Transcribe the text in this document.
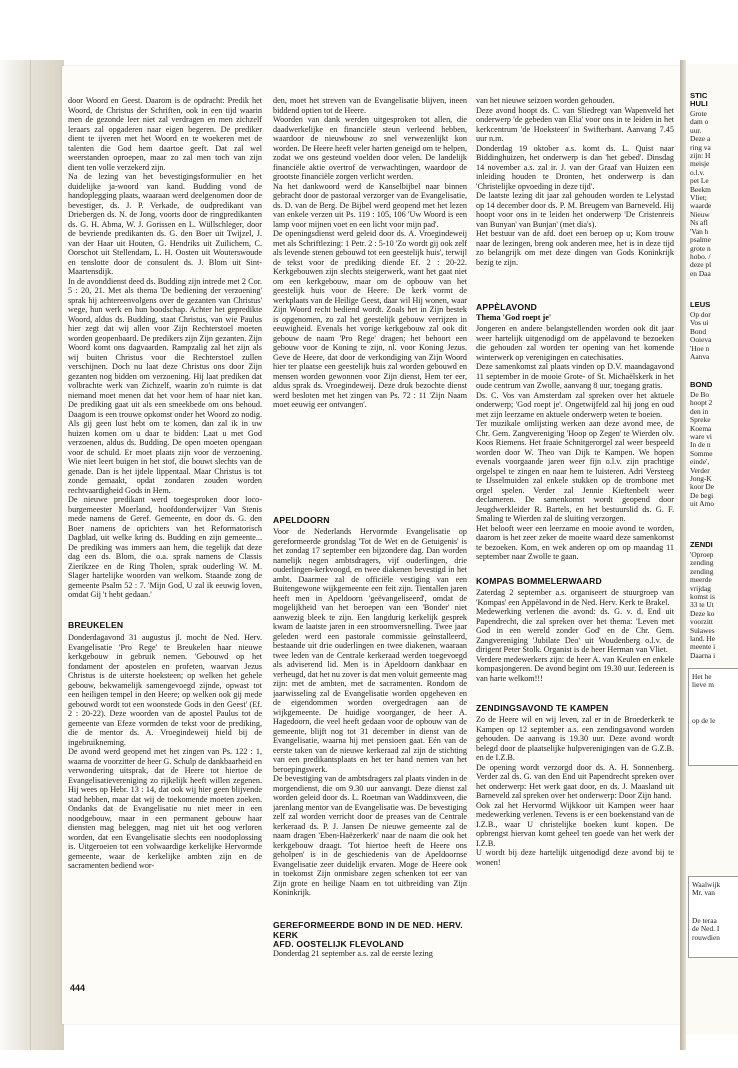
door Woord en Geest. Daarom is de opdracht: Predik het Woord, de Christus der Schriften, ook in een tijd waarin men de gezonde leer niet zal verdragen en men zichzelf leraars zal opgaderen naar eigen begeren. De prediker dient te ijveren met het Woord en te woekeren met de talenten die God hem daartoe geeft. Dat zal wel weerstanden oproepen, maar zo zal men toch van zijn dient ten volle verzekerd zijn.
Na de lezing van het bevestigingsformulier en het duidelijke ja-woord van kand. Budding vond de handoplegging plaats, waaraan werd deelgenomen door de bevestiger, ds. J. P. Verkade, de oudpredikant van Driebergen ds. N. de Jong, voorts door de ringpredikanten ds. G. H. Abma, W. J. Gorissen en L. Wüllschleger, door de bevriende predikanten ds. G. den Boer uit Twijzel, J. van der Haar uit Houten, G. Hendriks uit Zuilichem, C. Oorschot uit Stellendam, L. H. Oosten uit Wouterswoude en tenslotte door de consulent ds. J. Blom uit Sint-Maartensdijk.
In de avonddienst deed ds. Budding zijn intrede met 2 Cor. 5 : 20, 21. Met als thema 'De bediening der verzoening' sprak hij achtereenvolgens over de gezanten van Christus' wege, hun werk en hun boodschap. Achter het gepredikte Woord, aldus ds. Budding, staat Christus, van wie Paulus hier zegt dat wij allen voor Zijn Rechterstoel moeten worden geopenbaard. De predikers zijn Zijn gezanten. Zijn Woord komt ons dagvaarden. Rampzalig zal het zijn als wij buiten Christus voor die Rechterstoel zullen verschijnen. Doch nu laat deze Christus ons door Zijn gezanten nog bidden om verzoening. Hij laat prediken dat volbrachte werk van Zichzelf, waarin zo'n ruimte is dat niemand moet menen dat het voor hem of haar niet kan. De prediking gaat uit als een smeekbede om ons behoud. Daagom is een trouwe opkomst onder het Woord zo nodig. Als gij geen lust hebt om te komen, dan zal ik in uw huizen komen om u daar te bidden: Laat u met God verzoenen, aldus ds. Budding. De open moeten opengaan voor de schuld. Er moet plaats zijn voor de verzoening. Wie niet leert buigen in het stof, die bouwt slechts van de genade. Dan is het ijdele lippentaal. Maar Christus is tot zonde gemaakt, opdat zondaren zouden worden rechtvaardigheid Gods in Hem.
De nieuwe predikant werd toegesproken door loco-burgemeester Moerland, hoofdonderwijzer Van Stenis mede namens de Geref. Gemeente, en door ds. G. den Boer namens de oprichters van het Reformatorisch Dagblad, uit welke kring ds. Budding en zijn gemeente... De prediking was immers aan hem, die tegelijk dat deze dag een ds. Blom, die o.a. sprak namens de Classis Zierikzee en de Ring Tholen, sprak ouderling W. M. Slager hartelijke woorden van welkom. Staande zong de gemeente Psalm 52 : 7. 'Mijn God, U zal ik eeuwig loven, omdat Gij 't hebt gedaan.'
BREUKELEN
Donderdagavond 31 augustus jl. mocht de Ned. Herv. Evangelisatie 'Pro Rege' te Breukelen haar nieuwe kerkgebouw in gebruik nemen. 'Gebouwd op het fondament der apostelen en profeten, waarvan Jezus Christus is de uiterste hoeksteen; op welken het gehele gebouw, bekwamelijk samengevoegd zijnde, opwast tot een heiligen tempel in den Heere; op welken ook gij mede gebouwd wordt tot een woonstede Gods in den Geest' (Ef. 2 : 20-22). Deze woorden van de apostel Paulus tot de gemeente van Efeze vormden de tekst voor de prediking, die de mentor ds. A. Vroegindeweij hield bij de ingebruikneming.
De avond werd geopend met het zingen van Ps. 122 : 1, waarna de voorzitter de heer G. Schulp de dankbaarheid en verwondering uitsprak, dat de Heere tot hiertoe de Evangelisatievereniging zo rijkelijk heeft willen zegenen. Hij wees op Hebr. 13 : 14, dat ook wij hier geen blijvende stad hebben, maar dat wij de toekomende moeten zoeken. Ondanks dat de Evangelisatie nu niet meer in een noodgebouw, maar in een permanent gebouw haar diensten mag beleggen, mag niet uit het oog verloren worden, dat een Evangelisatie slechts een noodoplossing is. Uitgeroeien tot een volwaardige kerkelijke Hervormde gemeente, waar de kerkelijke ambten zijn en de sacramenten bediend wor-
den, moet het streven van de Evangelisatie blijven, ineen biddend optien tot de Heere.
Woorden van dank werden uitgesproken tot allen, die daadwerkelijke en financiële steun verleend hebben, waardoor de nieuwbouw zo snel verwezenlijkt kon worden. De Heere heeft veler harten geneigd om te helpen, zodat we ons gesteund voelden door velen. De landelijk financiële aktie overtrof de verwachtingen, waardoor de grootste financiële zorgen verlicht werden.
Na het dankwoord werd de Kanselbijbel naar binnen gebracht door de pastoraal verzorger van de Evangelisatie, ds. D. van de Berg. De Bijbel werd geopend met het lezen van enkele verzen uit Ps. 119 : 105, 106 'Uw Woord is een lamp voor mijnen voet en een licht voor mijn pad'.
De openingsdienst werd geleid door ds. A. Vroegindeweij met als Schriftlezing: 1 Petr. 2 : 5-10 'Zo wordt gij ook zelf als levende stenen gebouwd tot een geestelijk huis', terwijl de tekst voor de prediking diende Ef. 2 : 20-22. Kerkgebouwen zijn slechts steigerwerk, want het gaat niet om een kerkgebouw, maar om de opbouw van het geestelijk huis voor de Heere. De kerk vormt de werkplaats van de Heilige Geest, daar wil Hij wonen, waar Zijn Woord recht bediend wordt. Zoals het in Zijn bestek is opgenomen, zo zal het geestelijk gebouw verrijzen in eeuwigheid. Evenals het vorige kerkgebouw zal ook dit gebouw de naam 'Pro Rege' dragen; het behoort een gebouw voor de Koning te zijn, nl. voor Koning Jezus. Geve de Heere, dat door de verkondiging van Zijn Woord hier ter plaatse een geestelijk huis zal worden gebouwd en mensen worden gewonnen voor Zijn dienst, Hem ter eer, aldus sprak ds. Vroegindeweij. Deze druk bezochte dienst werd besloten met het zingen van Ps. 72 : 11 'Zijn Naam moet eeuwig eer ontvangen'.
APELDOORN
Voor de Nederlands Hervormde Evangelisatie op gereformeerde grondslag 'Tot de Wet en de Getuigenis' is het zondag 17 september een bijzondere dag. Dan worden namelijk negen ambtsdragers, vijf ouderlingen, drie ouderlingen-kerkvoogd, en twee diakenen bevestigd in het ambt. Daarmee zal de officiële vestiging van een Buitengewone wijkgemeente een feit zijn. Tientallen jaren heeft men in Apeldoorn 'geëvangeliseerd', omdat de mogelijkheid van het beroepen van een 'Bonder' niet aanwezig bleek te zijn. Een langdurig kerkelijk gesprek kwam de laatste jaren in een stroomversnelling. Twee jaar geleden werd een pastorale commissie geïnstalleerd, bestaande uit drie ouderlingen en twee diakenen, waaraan twee leden van de Centrale kerkeraad werden toegevoegd als adviserend lid. Men is in Apeldoorn dankbaar en verheugd, dat het nu zover is dat men voluit gemeente mag zijn: met de ambten, met de sacramenten. Rondom de jaarwisseling zal de Evangelisatie worden opgeheven en de eigendommen worden overgedragen aan de wijkgemeente. De huidige voorganger, de heer A. Hagedoorn, die veel heeft gedaan voor de opbouw van de gemeente, blijft nog tot 31 december in dienst van de Evangelisatie, waarna hij met pensioen gaat. Eén van de eerste taken van de nieuwe kerkeraad zal zijn de stichting van een predikantsplaats en het ter hand nemen van het beroepingswerk.
De bevestiging van de ambtsdragers zal plaats vinden in de morgendienst, die om 9.30 uur aanvangt. Deze dienst zal worden geleid door ds. L. Roetman van Waddinxveen, die jarenlang mentor van de Evangelisatie was. De bevestiging zelf zal worden verricht door de preases van de Centrale kerkeraad ds. P. J. Jansen De nieuwe gemeente zal de naam dragen 'Eben-Haëzerkerk' naar de naam die ook het kerkgebouw draagt. 'Tot hiertoe heeft de Heere ons geholpen' is in de geschiedenis van de Apeldoornse Evangelisatie zeer duidelijk ervaren. Moge de Heere ook in toekomst Zijn onmisbare zegen schenken tot eer van Zijn grote en heilige Naam en tot uitbreiding van Zijn Koninkrijk.
GEREFORMEERDE BOND IN DE NED. HERV. KERK
AFD. OOSTELIJK FLEVOLAND
Donderdag 21 september a.s. zal de eerste lezing
van het nieuwe seizoen worden gehouden.
Deze avond hoopt ds. C. van Sliedregt van Wapenveld het onderwerp 'de gebeden van Elia' voor ons in te leiden in het kerkcentrum 'de Hoeksteen' in Swifterbant. Aanvang 7.45 uur n.m.
Donderdag 19 oktober a.s. komt ds. L. Quist naar Biddinghuizen, het onderwerp is dan 'het gebed'. Dinsdag 14 november a.s. zal ir. J. van der Graaf van Huizen een inleiding houden te Dronten, het onderwerp is dan 'Christelijke opvoeding in deze tijd'.
De laatste lezing dit jaar zal gehouden worden te Lelystad op 14 december door ds. P. M. Breugem van Barneveld. Hij hoopt voor ons in te leiden het onderwerp 'De Cristenreis van Bunyan' van Bunjan' (met dia's).
Het bestuur van de afd. doet een beroep op u; Kom trouw naar de lezingen, breng ook anderen mee, het is in deze tijd zo belangrijk om met deze dingen van Gods Koninkrijk bezig te zijn.
APPÈLAVOND
Thema 'God roept je'
Jongeren en andere belangstellenden worden ook dit jaar weer hartelijk uitgenodigd om de appèlavond te bezoeken die gehouden zal worden ter opening van het komende winterwerk op verenigingen en catechisaties.
Deze samenkomst zal plaats vinden op D.V. maandagavond 11 september in de mooie Grote- of St. Michaëlskerk in het oude centrum van Zwolle, aanvang 8 uur, toegang gratis.
Ds. C. Vos van Amsterdam zal spreken over het aktuele onderwerp; 'God roept je'. Ongetwijfeld zal hij jong en oud met zijn leerzame en aktuele onderwerp weten te boeien.
Ter muzikale omlijsting werken aan deze avond mee, de Chr. Gem. Zangvereniging 'Hoop op Zegen' te Wierden olv. Koos Riemens. Het fraaie Schnitgerorgel zal weer bespeeld worden door W. Theo van Dijk te Kampen. We hopen evenals voorgaande jaren weer fijn o.l.v. zijn prachtige orgelspel te zingen en naar hem te luisteren. Adri Versteeg te IJsselmuiden zal enkele stukken op de trombone met orgel spelen. Verder zal Jennie Kieftenbelt weer declameren. De samenkomst wordt geopend door Jeugdwerkleider R. Bartels, en het bestuurslid ds. G. F. Smaling te Wierden zal de sluiting verzorgen.
Het belooft weer een leerzame en mooie avond te worden, daarom is het zeer zeker de moeite waard deze samenkomst te bezoeken. Kom, en wek anderen op om op maandag 11 september naar Zwolle te gaan.
KOMPAS BOMMELERWAARD
Zaterdag 2 september a.s. organiseert de stuurgroep van 'Kompas' een Appèlavond in de Ned. Herv. Kerk te Brakel.
Medewerking verlenen die avond: ds. G. v. d. End uit Papendrecht, die zal spreken over het thema: 'Leven met God in een wereld zonder God' en de Chr. Gem. Zangvereniging 'Jubilate Deo' uit Woudenberg o.l.v. de dirigent Peter Stolk. Organist is de heer Herman van Vliet.
Verdere medewerkers zijn: de heer A. van Keulen en enkele kompasjongeren. De avond begint om 19.30 uur. Iedereen is van harte welkom!!!
ZENDINGSAVOND TE KAMPEN
Zo de Heere wil en wij leven, zal er in de Broederkerk te Kampen op 12 september a.s. een zendingsavond worden gehouden. De aanvang is 19.30 uur. Deze avond wordt belegd door de plaatselijke hulpverenigingen van de G.Z.B. en de I.Z.B.
De opening wordt verzorgd door ds. A. H. Sonnenberg. Verder zal ds. G. van den End uit Papendrecht spreken over het onderwerp: Het werk gaat door, en ds. J. Maasland uit Barneveld zal spreken over het onderwerp: Door Zijn hand.
Ook zal het Hervormd Wijkkoor uit Kampen weer haar medewerking verlenen. Tevens is er een boekenstand van de I.Z.B., waar U christelijke boeken kunt kopen. De opbrengst hiervan komt geheel ten goede van het werk der I.Z.B.
U wordt bij deze hartelijk uitgenodigd deze avond bij te wonen!
444
STIC
HULI
Grote
dam o
uur.
Deze a
ring va
zijn: H
meisje
o.l.v.
pet Le
Beekm
Vliet;
waarde
Nieuw
Ns afl
'Van h
psalme
grote n
hobo. /
deze pl
en Daa
LEUS
Op dor
Vos ui
Bond
Ooieva
'Hoe n
Aanva
BOND
De Bo
hoopt 2
den in
Spreke
Koema
ware vi
In de n
Somme
einde',
Verder
Jong-K
koor De
De begi
uit Amo
ZENDI
'Oproep
zending
zending
meerde
vrijdag
komst is
33 te Ut
Deze ko
voorzitt
Sulawes
land. He
meente i
Daarna i
Het he
lieve m
op de le
Waalwijk
Mr. van
De teraa
de Ned. I
rouwdien
